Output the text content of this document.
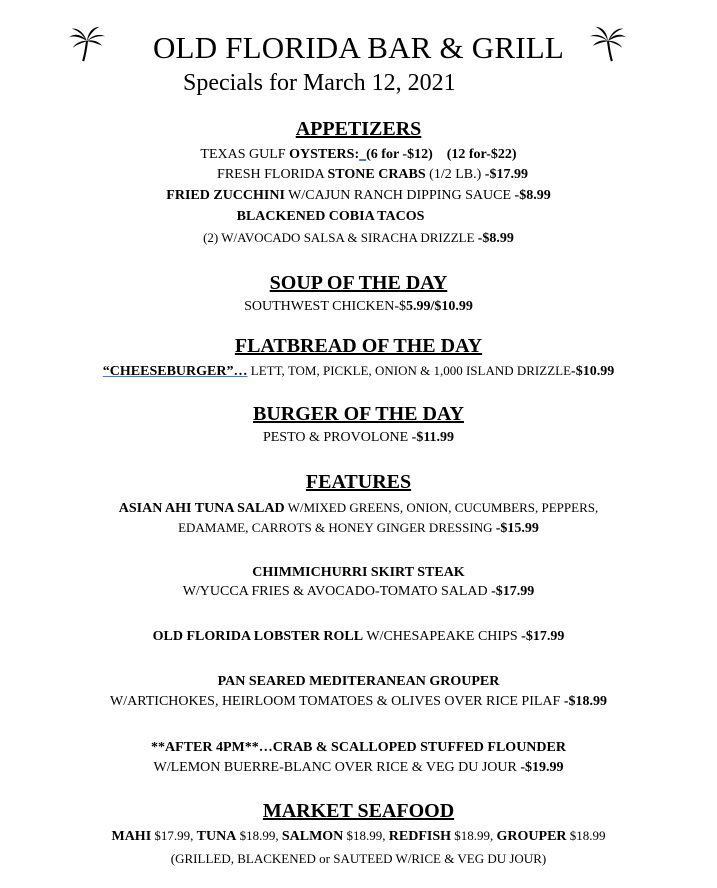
OLD FLORIDA BAR & GRILL
Specials for March 12, 2021
APPETIZERS
TEXAS GULF OYSTERS: (6 for -$12)    (12 for-$22)
FRESH FLORIDA STONE CRABS (1/2 LB.) -$17.99
FRIED ZUCCHINI W/CAJUN RANCH DIPPING SAUCE -$8.99
BLACKENED COBIA TACOS
(2) W/AVOCADO SALSA & SIRACHA DRIZZLE -$8.99
SOUP OF THE DAY
SOUTHWEST CHICKEN-$5.99/$10.99
FLATBREAD OF THE DAY
“CHEESEBURGER”… LETT, TOM, PICKLE, ONION & 1,000 ISLAND DRIZZLE-$10.99
BURGER OF THE DAY
PESTO & PROVOLONE -$11.99
FEATURES
ASIAN AHI TUNA SALAD W/MIXED GREENS, ONION, CUCUMBERS, PEPPERS,
EDAMAME, CARROTS & HONEY GINGER DRESSING -$15.99
CHIMMICHURRI SKIRT STEAK
W/YUCCA FRIES & AVOCADO-TOMATO SALAD -$17.99
OLD FLORIDA LOBSTER ROLL W/CHESAPEAKE CHIPS -$17.99
PAN SEARED MEDITERANEAN GROUPER
W/ARTICHOKES, HEIRLOOM TOMATOES & OLIVES OVER RICE PILAF -$18.99
**AFTER 4PM**…CRAB & SCALLOPED STUFFED FLOUNDER
W/LEMON BUERRE-BLANC OVER RICE & VEG DU JOUR -$19.99
MARKET SEAFOOD
MAHI $17.99, TUNA $18.99, SALMON $18.99, REDFISH $18.99, GROUPER $18.99
(GRILLED, BLACKENED or SAUTEED W/RICE & VEG DU JOUR)
